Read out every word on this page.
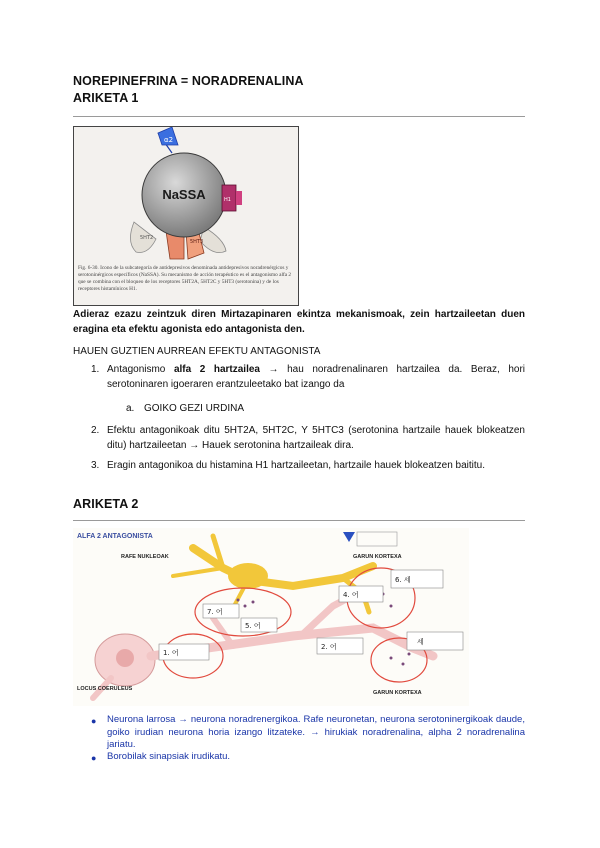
NOREPINEFRINA = NORADRENALINA
ARIKETA 1
α2
H1
NaSSA
5HT2
5HT3
Fig. 6-30. Icono de la subcategoría de antidepresivos denominada antidepresivos noradrenérgicos y serotoninérgicos específicos (NaSSA). Su mecanismo de acción terapéutico es el antagonismo alfa 2 que se combina con el bloqueo de los receptores 5HT2A, 5HT2C y 5HT3 (serotonina) y de los receptores histamínicos H1.
Adieraz ezazu zeintzuk diren Mirtazapinaren ekintza mekanismoak, zein hartzaileetan duen eragina eta efektu agonista edo antagonista den.
HAUEN GUZTIEN AURREAN EFEKTU ANTAGONISTA
1. Antagonismo alfa 2 hartzailea → hau noradrenalinaren hartzailea da. Beraz, hori serotoninaren igoeraren erantzuleetako bat izango da
a. GOIKO GEZI URDINA
2. Efektu antagonikoak ditu 5HT2A, 5HT2C, Y 5HTC3 (serotonina hartzaile hauek blokeatzen ditu) hartzaileetan → Hauek serotonina hartzaileak dira.
3. Eragin antagonikoa du histamina H1 hartzaileetan, hartzaile hauek blokeatzen baititu.
ARIKETA 2
ALFA 2 ANTAGONISTA
RAFE NUKLEOAK	GARUN KORTEXA
GARUN KORTEXA
LOCUS COERULEUS
7. 어
5. 어
1. 어
4. 어
2. 어
6. 세
세
● Neurona larrosa → neurona noradrenergikoa. Rafe neuronetan, neurona serotoninergikoak daude, goiko irudian neurona horia izango litzateke. → hirukiak noradrenalina, alpha 2 noradrenalina jariatu.
● Borobilak sinapsiak irudikatu.
